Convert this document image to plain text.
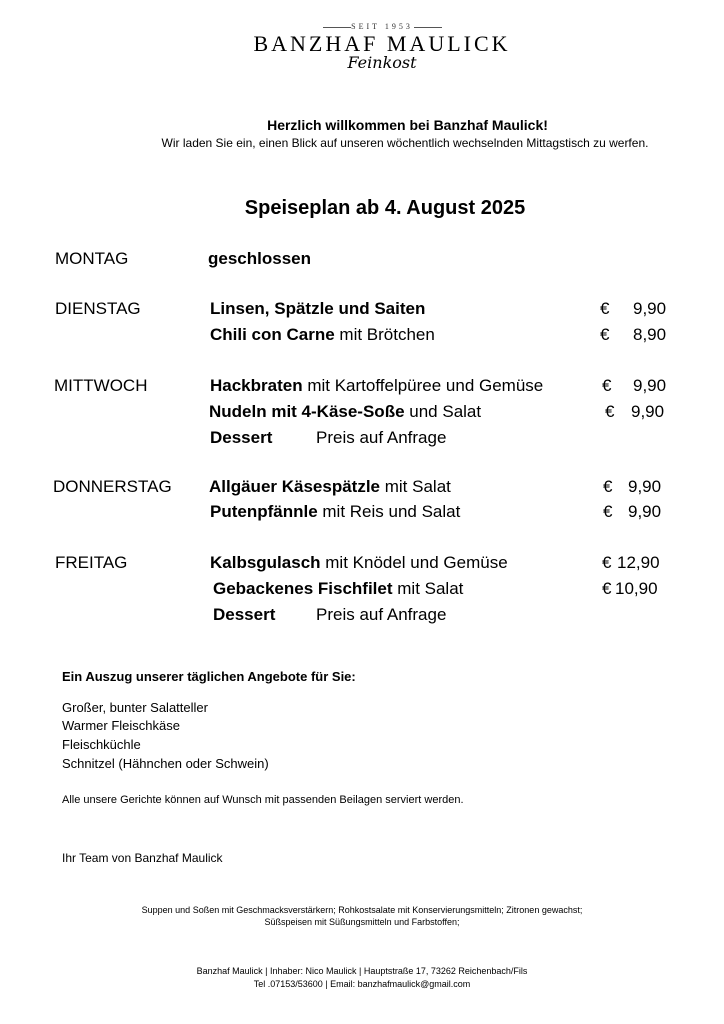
SEIT 1953
BANZHAF MAULICK
Feinkost
Herzlich willkommen bei Banzhaf Maulick!
Wir laden Sie ein, einen Blick auf unseren wöchentlich wechselnden Mittagstisch zu werfen.
Speiseplan ab 4. August 2025
MONTAG	geschlossen
DIENSTAG	Linsen, Spätzle und Saiten	€ 9,90
Chili con Carne mit Brötchen	€ 8,90
MITTWOCH	Hackbraten mit Kartoffelpüree und Gemüse	€ 9,90
Nudeln mit 4-Käse-Soße und Salat	€ 9,90
Dessert	Preis auf Anfrage
DONNERSTAG Allgäuer Käsespätzle mit Salat	€ 9,90
Putenpfännle mit Reis und Salat	€ 9,90
FREITAG	Kalbsgulasch mit Knödel und Gemüse	€ 12,90
Gebackenes Fischfilet mit Salat	€ 10,90
Dessert Preis auf Anfrage
Ein Auszug unserer täglichen Angebote für Sie:
Großer, bunter Salatteller
Warmer Fleischkäse
Fleischküchle
Schnitzel (Hähnchen oder Schwein)
Alle unsere Gerichte können auf Wunsch mit passenden Beilagen serviert werden.
Ihr Team von Banzhaf Maulick
Suppen und Soßen mit Geschmacksverstärkern; Rohkostsalate mit Konservierungsmitteln; Zitronen gewachst;
Süßspeisen mit Süßungsmitteln und Farbstoffen;
Banzhaf Maulick | Inhaber: Nico Maulick | Hauptstraße 17, 73262 Reichenbach/Fils
Tel .07153/53600 | Email: banzhafmaulick@gmail.com
